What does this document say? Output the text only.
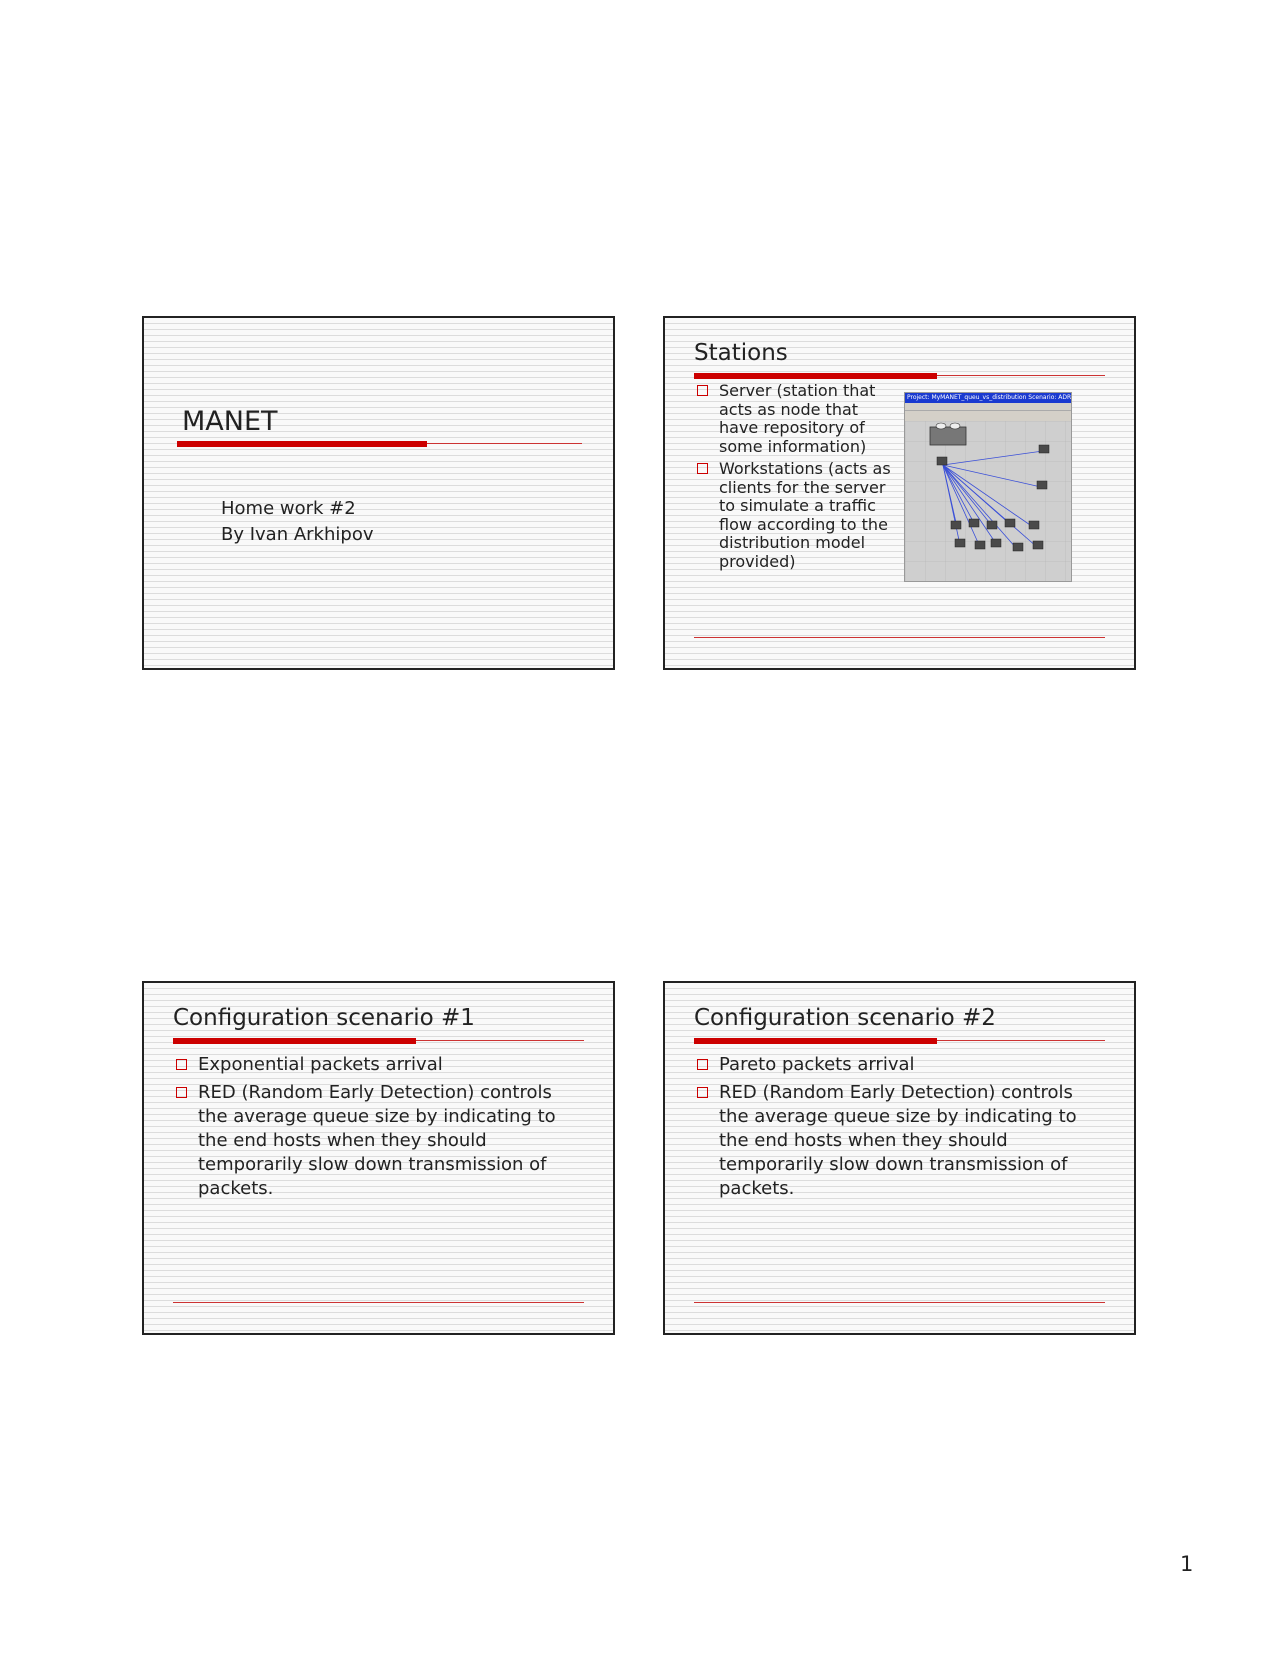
MANET
Home work #2
By Ivan Arkhipov
Stations
Server (station that acts as node that have repository of some information)
Workstations (acts as clients for the server to simulate a traffic flow according to the distribution model provided)
Project: MyMANET_queu_vs_distribution Scenario: ADR
Configuration scenario #1
Exponential packets arrival
RED (Random Early Detection) controls the average queue size by indicating to the end hosts when they should temporarily slow down transmission of packets.
Configuration scenario #2
Pareto packets arrival
RED (Random Early Detection) controls the average queue size by indicating to the end hosts when they should temporarily slow down transmission of packets.
1
